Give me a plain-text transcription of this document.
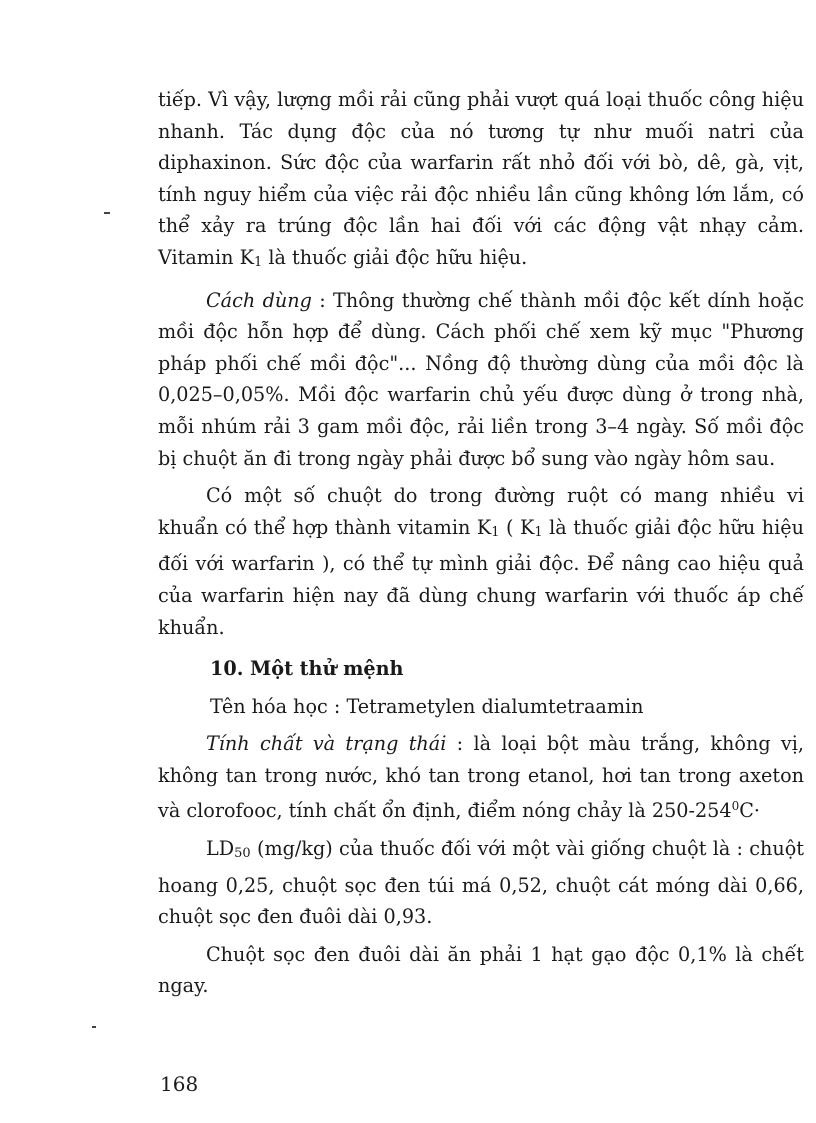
tiếp. Vì vậy, lượng mồi rải cũng phải vượt quá loại thuốc công hiệu nhanh. Tác dụng độc của nó tương tự như muối natri của diphaxinon. Sức độc của warfarin rất nhỏ đối với bò, dê, gà, vịt, tính nguy hiểm của việc rải độc nhiều lần cũng không lớn lắm, có thể xảy ra trúng độc lần hai đối với các động vật nhạy cảm. Vitamin $K_1$ là thuốc giải độc hữu hiệu.

Cách dùng : Thông thường chế thành mồi độc kết dính hoặc mồi độc hỗn hợp để dùng. Cách phối chế xem kỹ mục "Phương pháp phối chế mồi độc"... Nồng độ thường dùng của mồi độc là 0,025–0,05%. Mồi độc warfarin chủ yếu được dùng ở trong nhà, mỗi nhúm rải 3 gam mồi độc, rải liền trong 3–4 ngày. Số mồi độc bị chuột ăn đi trong ngày phải được bổ sung vào ngày hôm sau.

Có một số chuột do trong đường ruột có mang nhiều vi khuẩn có thể hợp thành vitamin $K_1$ ( $K_1$ là thuốc giải độc hữu hiệu đối với warfarin ), có thể tự mình giải độc. Để nâng cao hiệu quả của warfarin hiện nay đã dùng chung warfarin với thuốc áp chế khuẩn.

10. Một thử mệnh

Tên hóa học : Tetrametylen dialumtetraamin

Tính chất và trạng thái : là loại bột màu trắng, không vị, không tan trong nước, khó tan trong etanol, hơi tan trong axeton và clorofooc, tính chất ổn định, điểm nóng chảy là $250-254^0C\cdot$

$LD_{50}$ (mg/kg) của thuốc đối với một vài giống chuột là : chuột hoang 0,25, chuột sọc đen túi má 0,52, chuột cát móng dài 0,66, chuột sọc đen đuôi dài 0,93.

Chuột sọc đen đuôi dài ăn phải 1 hạt gạo độc 0,1% là chết ngay.

168
